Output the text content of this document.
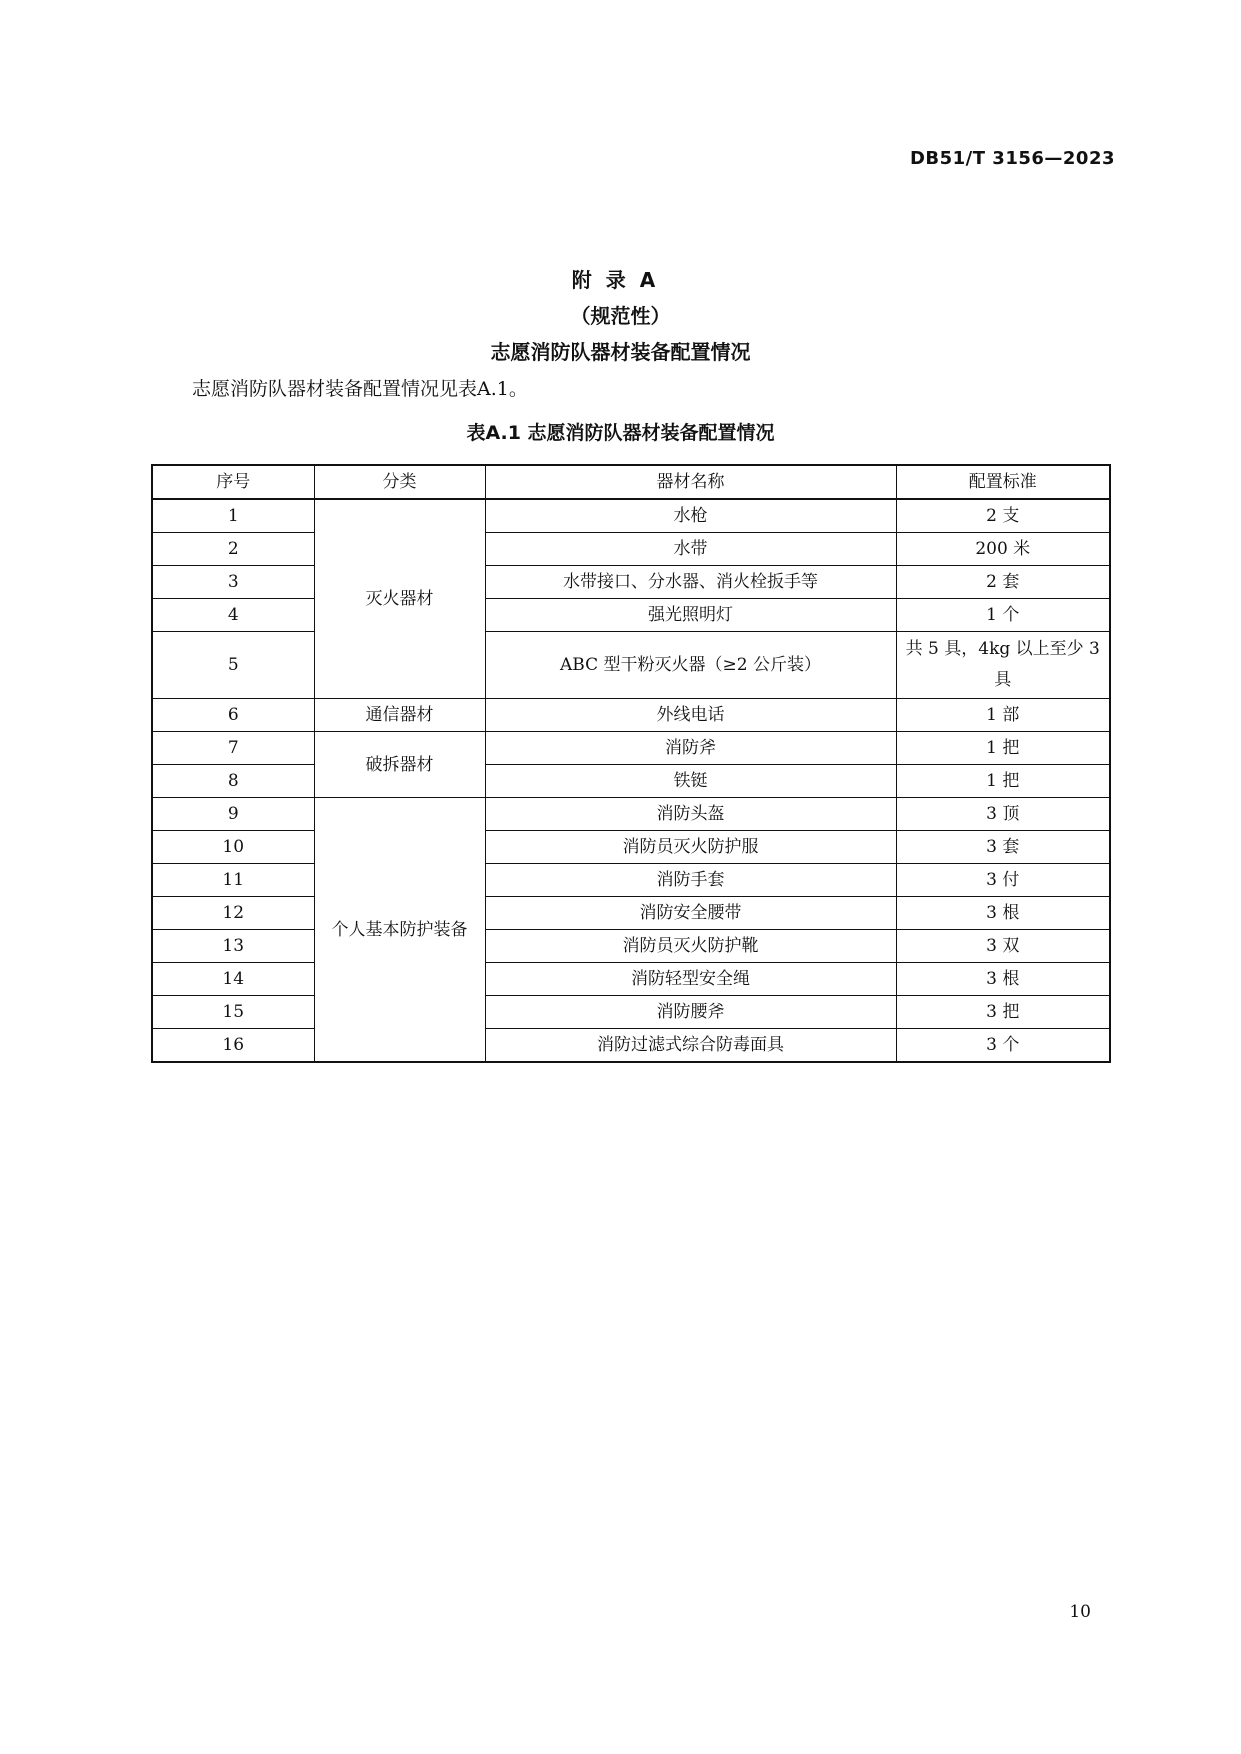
DB51/T 3156—2023
附录A
（规范性）
志愿消防队器材装备配置情况
志愿消防队器材装备配置情况见表A.1。
表A.1 志愿消防队器材装备配置情况
序号	分类	器材名称	配置标准
1	灭火器材	水枪	2 支
2		水带	200 米
3		水带接口、分水器、消火栓扳手等	2 套
4		强光照明灯	1 个
5		ABC 型干粉灭火器（≥2 公斤装）	共 5 具，4kg 以上至少 3 具
6	通信器材	外线电话	1 部
7	破拆器材	消防斧	1 把
8		铁铤	1 把
9	个人基本防护装备	消防头盔	3 顶
10		消防员灭火防护服	3 套
11		消防手套	3 付
12		消防安全腰带	3 根
13		消防员灭火防护靴	3 双
14		消防轻型安全绳	3 根
15		消防腰斧	3 把
16		消防过滤式综合防毒面具	3 个
10
